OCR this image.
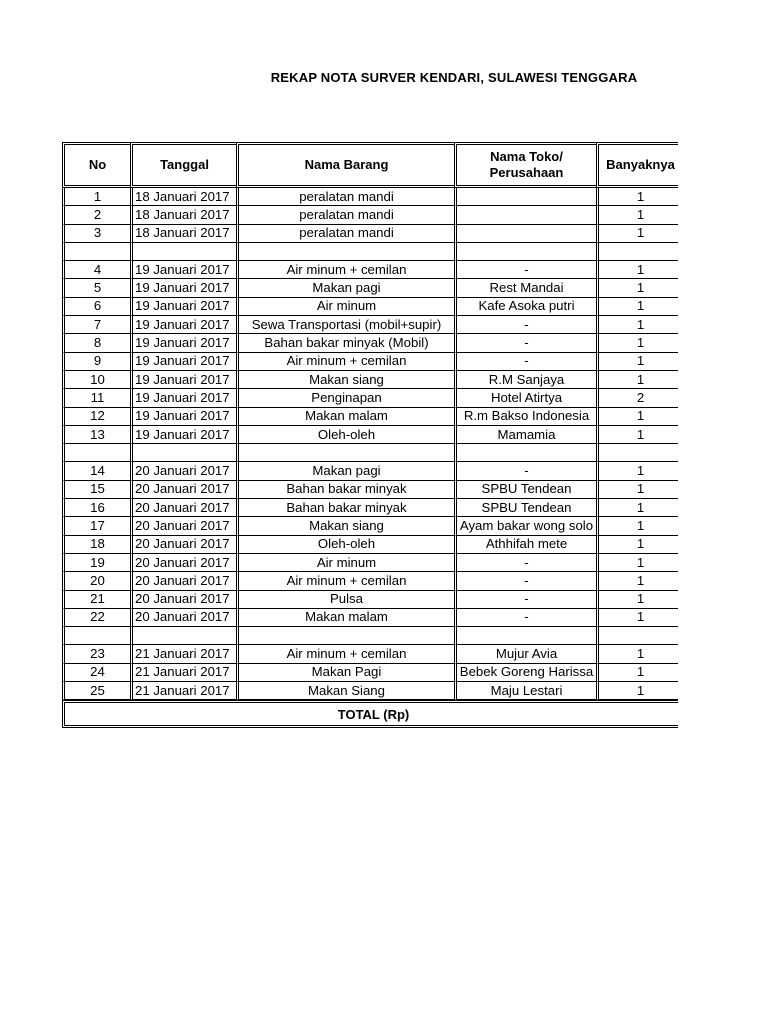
REKAP NOTA SURVER KENDARI, SULAWESI TENGGARA
No	Tanggal	Nama Barang	Nama Toko/ Perusahaan	Banyaknya
1	18 Januari 2017	peralatan mandi		1
2	18 Januari 2017	peralatan mandi		1
3	18 Januari 2017	peralatan mandi		1

4	19 Januari 2017	Air minum + cemilan	-	1
5	19 Januari 2017	Makan pagi	Rest Mandai	1
6	19 Januari 2017	Air minum	Kafe Asoka putri	1
7	19 Januari 2017	Sewa Transportasi (mobil+supir)	-	1
8	19 Januari 2017	Bahan bakar minyak (Mobil)	-	1
9	19 Januari 2017	Air minum + cemilan	-	1
10	19 Januari 2017	Makan siang	R.M Sanjaya	1
11	19 Januari 2017	Penginapan	Hotel Atirtya	2
12	19 Januari 2017	Makan malam	R.m Bakso Indonesia	1
13	19 Januari 2017	Oleh-oleh	Mamamia	1

14	20 Januari 2017	Makan pagi	-	1
15	20 Januari 2017	Bahan bakar minyak	SPBU Tendean	1
16	20 Januari 2017	Bahan bakar minyak	SPBU Tendean	1
17	20 Januari 2017	Makan siang	Ayam bakar wong solo	1
18	20 Januari 2017	Oleh-oleh	Athhifah mete	1
19	20 Januari 2017	Air minum	-	1
20	20 Januari 2017	Air minum + cemilan	-	1
21	20 Januari 2017	Pulsa	-	1
22	20 Januari 2017	Makan malam	-	1

23	21 Januari 2017	Air minum + cemilan	Mujur Avia	1
24	21 Januari 2017	Makan Pagi	Bebek Goreng Harissa	1
25	21 Januari 2017	Makan Siang	Maju Lestari	1
TOTAL (Rp)				
